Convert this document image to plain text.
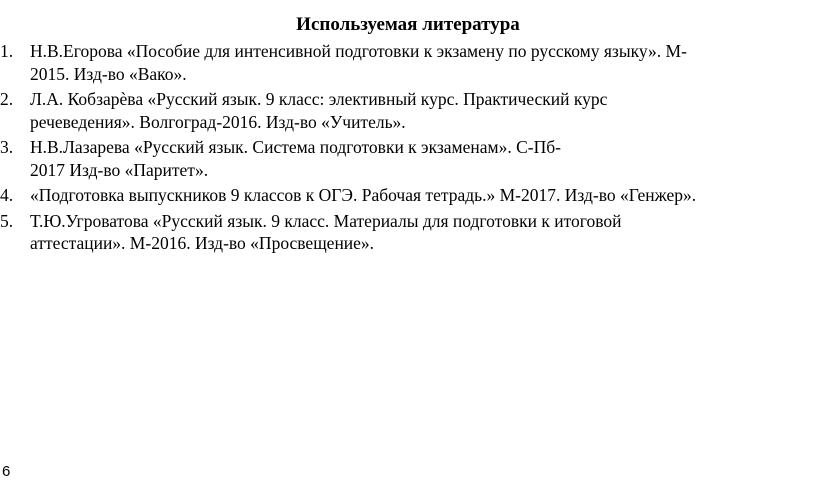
Используемая литература
1. Н.В.Егорова «Пособие для интенсивной подготовки к экзамену по русскому языку». М-
2015. Изд-во «Вако».
2. Л.А. Кобзарѐва «Русский язык. 9 класс: элективный курс. Практический курс
речеведения». Волгоград-2016. Изд-во «Учитель».
3. Н.В.Лазарева «Русский язык. Система подготовки к экзаменам». С-Пб-
2017 Изд-во «Паритет».
4. «Подготовка выпускников 9 классов к ОГЭ. Рабочая тетрадь.» М-2017. Изд-во «Генжер».
5. Т.Ю.Угроватова «Русский язык. 9 класс. Материалы для подготовки к итоговой
аттестации». М-2016. Изд-во «Просвещение».
6
